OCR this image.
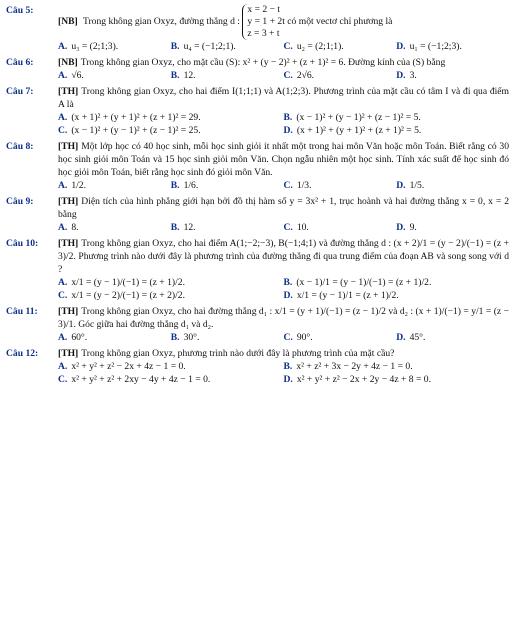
Câu 5:
[NB] Trong không gian Oxyz, đường thẳng d :
x = 2 − t
y = 1 + 2t
z = 3 + t
có một vectơ chỉ phương là
A. u₃ = (2;1;3).	B. u₄ = (−1;2;1).	C. u₂ = (2;1;1).	D. u₁ = (−1;2;3).
Câu 6:	[NB] Trong không gian Oxyz, cho mặt cầu (S): x² + (y − 2)² + (z + 1)² = 6. Đường kính của (S) bằng
A. √6.	B. 12.	C. 2√6.	D. 3.
Câu 7:	[TH] Trong không gian Oxyz, cho hai điểm I(1;1;1) và A(1;2;3). Phương trình của mặt cầu có tâm I và đi qua điểm A là
A. (x + 1)² + (y + 1)² + (z + 1)² = 29.	B. (x − 1)² + (y − 1)² + (z − 1)² = 5.
C. (x − 1)² + (y − 1)² + (z − 1)² = 25.	D. (x + 1)² + (y + 1)² + (z + 1)² = 5.
Câu 8:	[TH] Một lớp học có 40 học sinh, mỗi học sinh giỏi ít nhất một trong hai môn Văn hoặc môn Toán. Biết rằng có 30 học sinh giỏi môn Toán và 15 học sinh giỏi môn Văn. Chọn ngẫu nhiên một học sinh. Tính xác suất để học sinh đó học giỏi môn Toán, biết rằng học sinh đó giỏi môn Văn.
A. 1/2.	B. 1/6.	C. 1/3.	D. 1/5.
Câu 9:	[TH] Diện tích của hình phẳng giới hạn bởi đồ thị hàm số y = 3x² + 1, trục hoành và hai đường thẳng x = 0, x = 2 bằng
A. 8.	B. 12.	C. 10.	D. 9.
Câu 10:	[TH] Trong không gian Oxyz, cho hai điểm A(1;−2;−3), B(−1;4;1) và đường thẳng d : (x + 2)/1 = (y − 2)/(−1) = (z + 3)/2. Phương trình nào dưới đây là phương trình của đường thẳng đi qua trung điểm của đoạn AB và song song với d ?
A. x/1 = (y − 1)/(−1) = (z + 1)/2.	B. (x − 1)/1 = (y − 1)/(−1) = (z + 1)/2.
C. x/1 = (y − 2)/(−1) = (z + 2)/2.	D. x/1 = (y − 1)/1 = (z + 1)/2.
Câu 11:	[TH] Trong không gian Oxyz, cho hai đường thẳng d₁ : x/1 = (y + 1)/(−1) = (z − 1)/2 và d₂ : (x + 1)/(−1) = y/1 = (z − 3)/1. Góc giữa hai đường thẳng d₁ và d₂.
A. 60°.	B. 30°.	C. 90°.	D. 45°.
Câu 12:	[TH] Trong không gian Oxyz, phương trình nào dưới đây là phương trình của mặt cầu?
A. x² + y² + z² − 2x + 4z − 1 = 0.	B. x² + z² + 3x − 2y + 4z − 1 = 0.
C. x² + y² + z² + 2xy − 4y + 4z − 1 = 0.	D. x² + y² + z² − 2x + 2y − 4z + 8 = 0.
